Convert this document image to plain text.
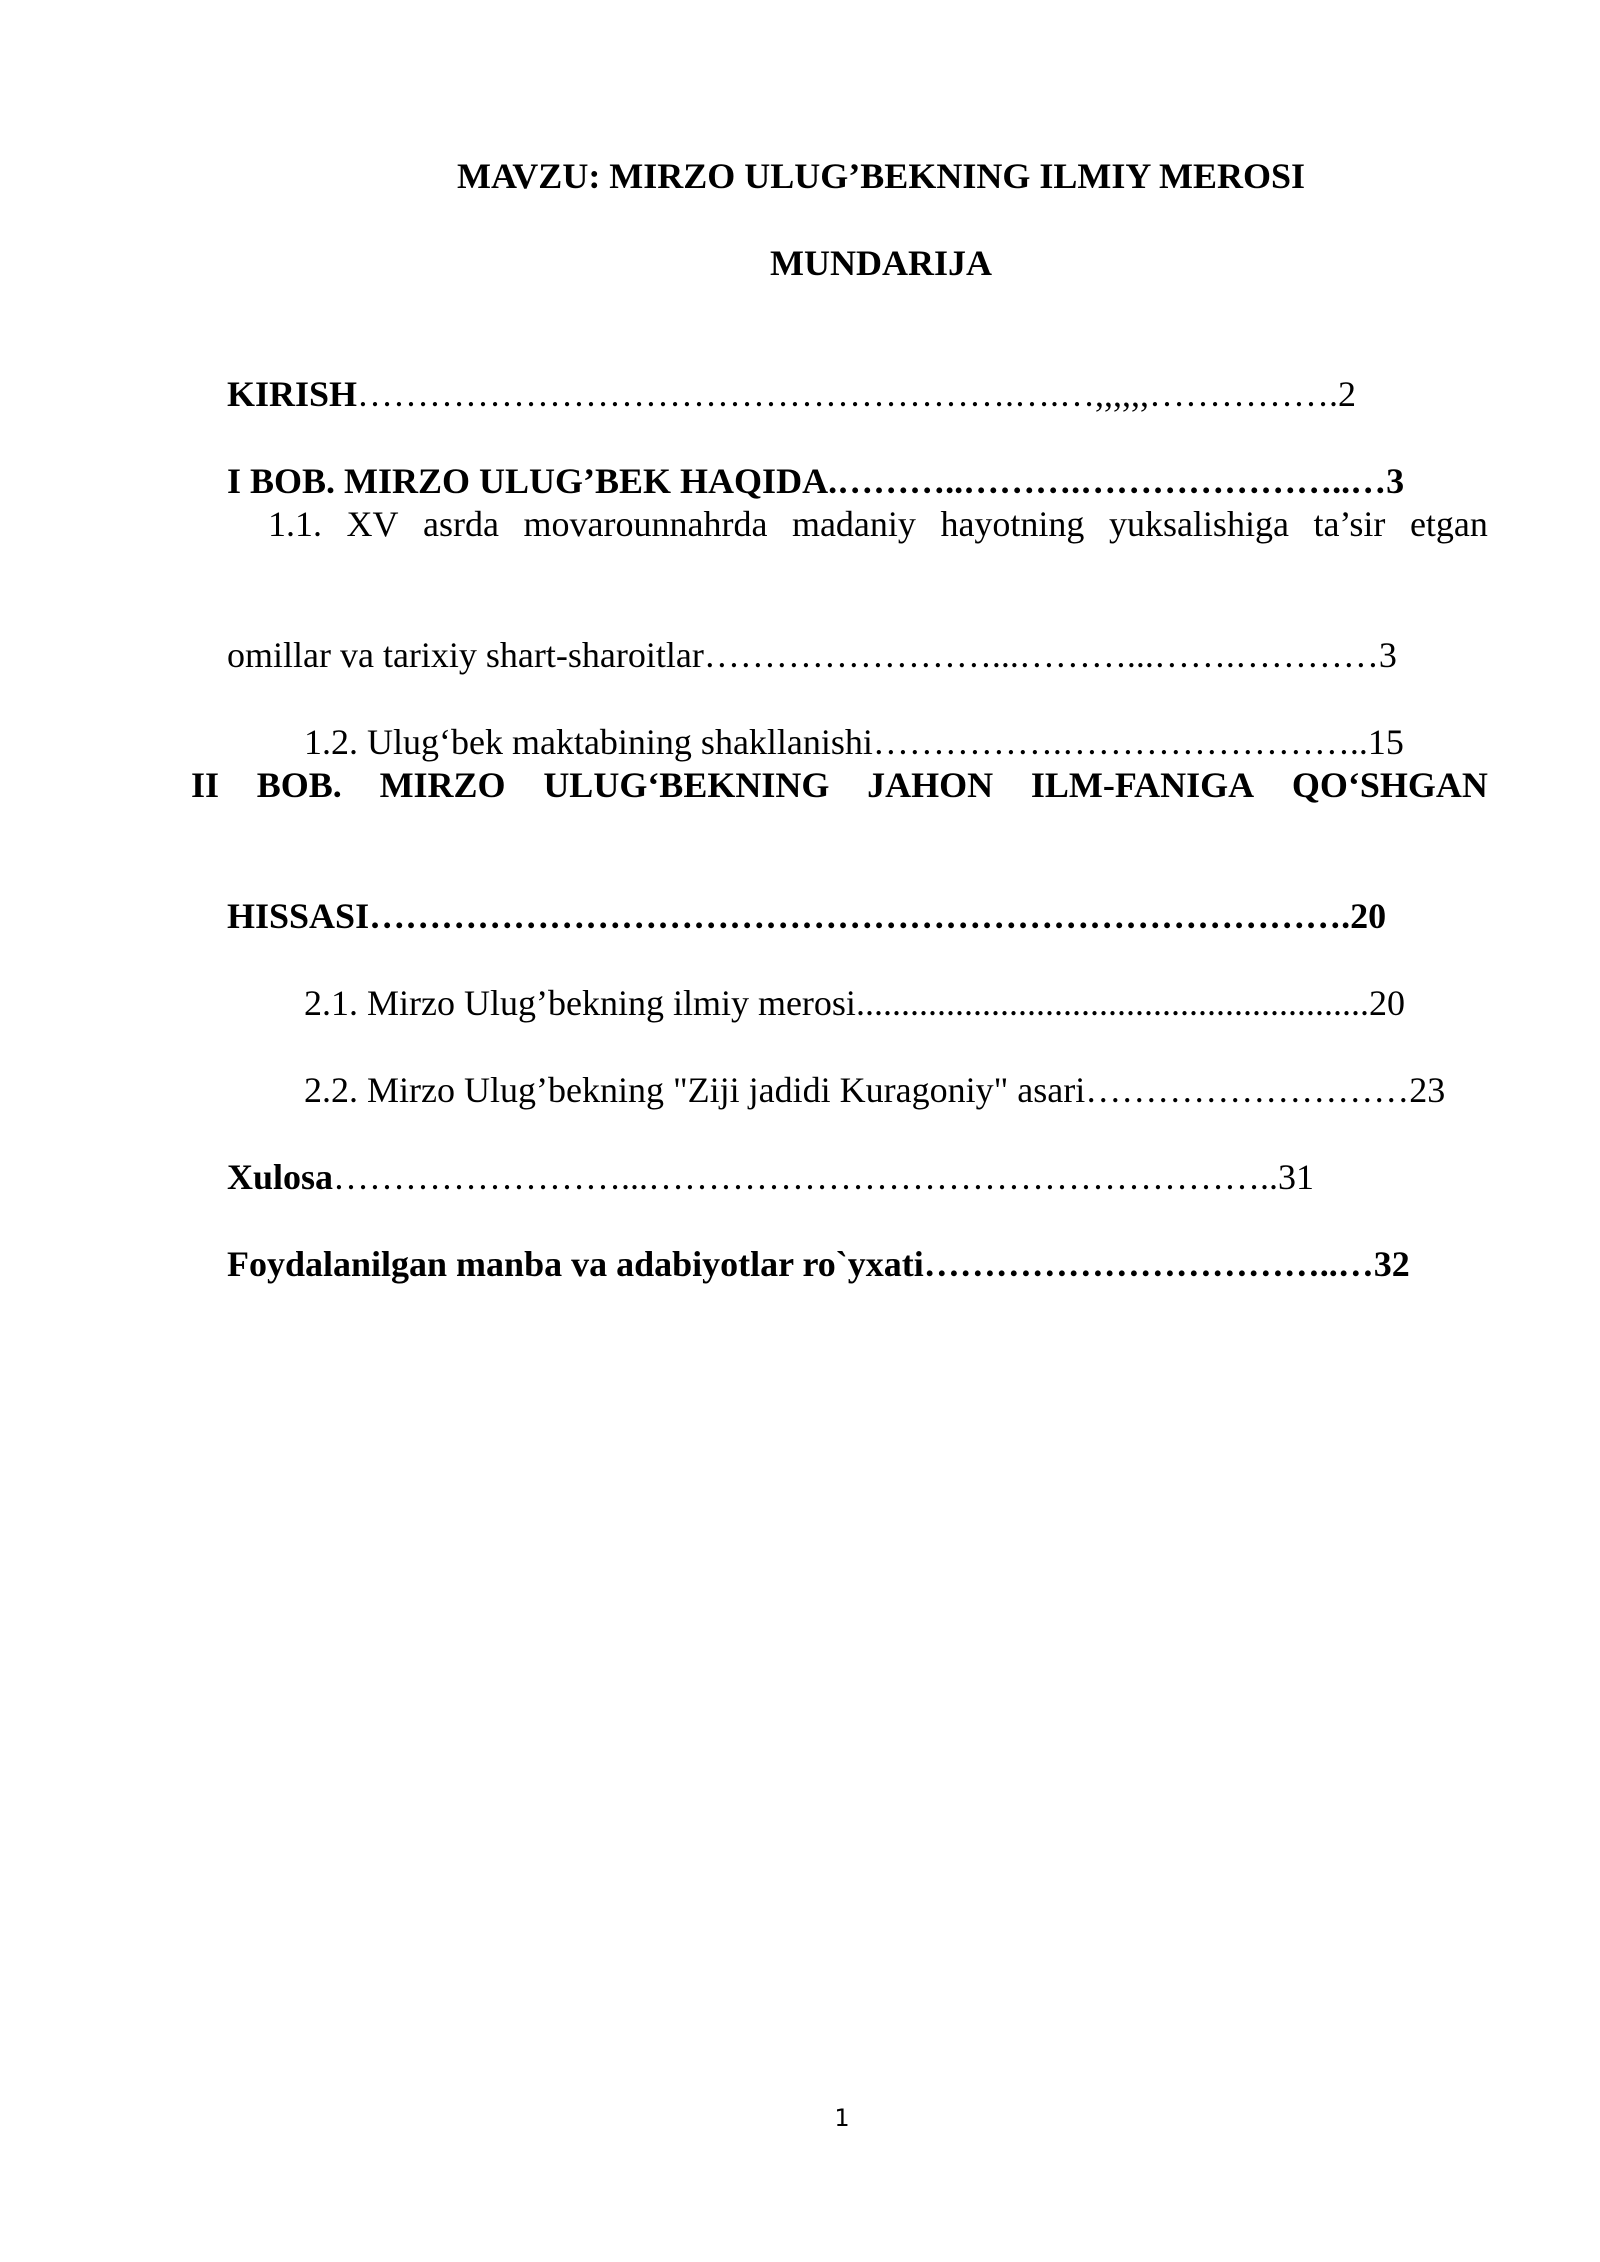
MAVZU: MIRZO ULUG’BEKNING ILMIY MEROSI
MUNDARIJA

KIRISH……………………………………………….….…,,,,,,…………….2

I BOB. MIRZO ULUG’BEK HAQIDA.………..……….…………………..…3

1.1. XV asrda movarounnahrda madaniy hayotning yuksalishiga ta’sir etgan

omillar va tarixiy shart-sharoitlar……………………...………...…….…………3

1.2. Ulug‘bek maktabining shakllanishi…………….……………………..15

II BOB. MIRZO ULUG‘BEKNING JAHON ILM-FANIGA QO‘SHGAN

HISSASI……………………………………………………………………….20

2.1. Mirzo Ulug’bekning ilmiy merosi.........................................................20

2.2. Mirzo Ulug’bekning "Ziji jadidi Kuragoniy" asari………………………23

Xulosa……………………...……………………………………………..31

Foydalanilgan manba va adabiyotlar ro`yxati……………………………..…32

1
